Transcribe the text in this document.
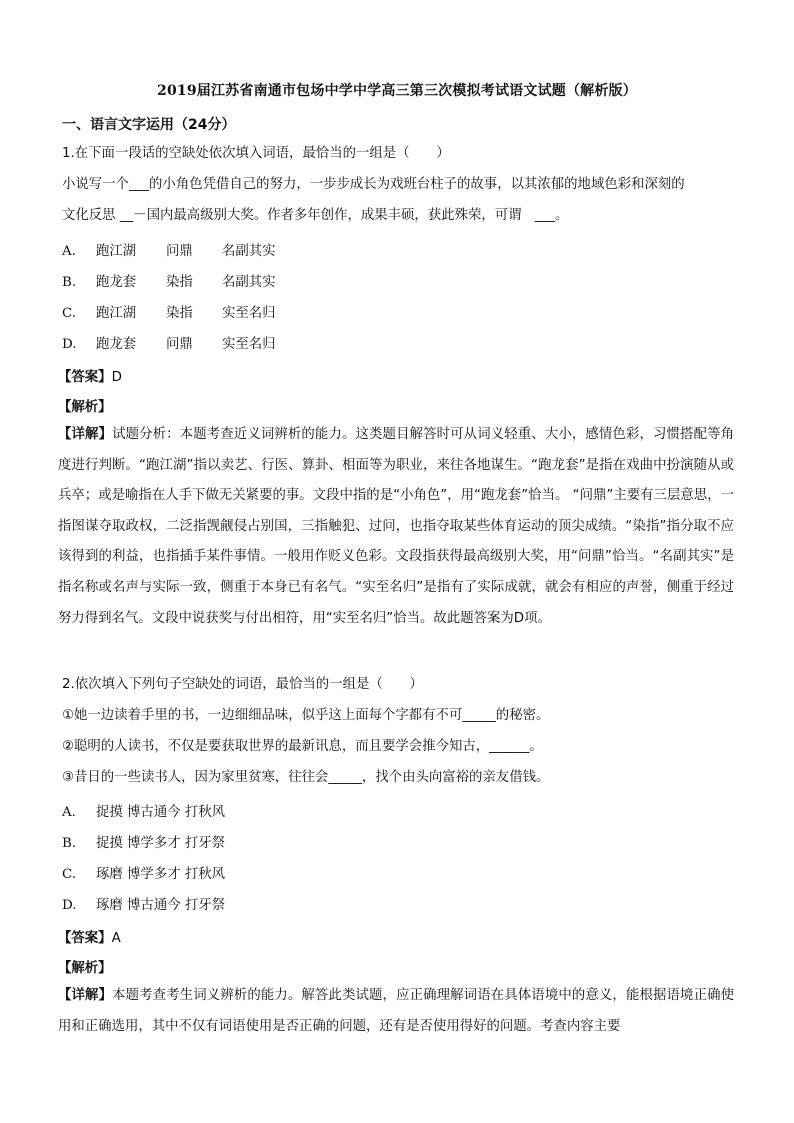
2019届江苏省南通市包场中学中学高三第三次模拟考试语文试题（解析版）
一、语言文字运用（24分）
1.在下面一段话的空缺处依次填入词语，最恰当的一组是（　　）
小说写一个___的小角色凭借自己的努力，一步步成长为戏班台柱子的故事，以其浓郁的地域色彩和深刻的
文化反思 __－国内最高级别大奖。作者多年创作，成果丰硕，获此殊荣，可谓　___。
A. 跑江湖 问鼎 名副其实
B. 跑龙套 染指 名副其实
C. 跑江湖 染指 实至名归
D. 跑龙套 问鼎 实至名归
【答案】D
【解析】
【详解】试题分析：本题考查近义词辨析的能力。这类题目解答时可从词义轻重、大小，感情色彩，习惯搭配等角度进行判断。“跑江湖”指以卖艺、行医、算卦、相面等为职业，来往各地谋生。“跑龙套”是指在戏曲中扮演随从或兵卒；或是喻指在人手下做无关紧要的事。文段中指的是“小角色”，用“跑龙套”恰当。 “问鼎”主要有三层意思，一指图谋夺取政权，二泛指觊觎侵占别国，三指触犯、过问，也指夺取某些体育运动的顶尖成绩。“染指”指分取不应该得到的利益，也指插手某件事情。一般用作贬义色彩。文段指获得最高级别大奖，用“问鼎”恰当。“名副其实”是指名称或名声与实际一致，侧重于本身已有名气。“实至名归”是指有了实际成就，就会有相应的声誉，侧重于经过努力得到名气。文段中说获奖与付出相符，用“实至名归”恰当。故此题答案为D项。
2.依次填入下列句子空缺处的词语，最恰当的一组是（　　）
①她一边读着手里的书，一边细细品味，似乎这上面每个字都有不可_____的秘密。
②聪明的人读书，不仅是要获取世界的最新讯息，而且要学会推今知古，______。
③昔日的一些读书人，因为家里贫寒，往往会_____，找个由头向富裕的亲友借钱。
A. 捉摸 博古通今 打秋风
B. 捉摸 博学多才 打牙祭
C. 琢磨 博学多才 打秋风
D. 琢磨 博古通今 打牙祭
【答案】A
【解析】
【详解】本题考查考生词义辨析的能力。解答此类试题，应正确理解词语在具体语境中的意义，能根据语境正确使用和正确选用，其中不仅有词语使用是否正确的问题，还有是否使用得好的问题。考查内容主要
